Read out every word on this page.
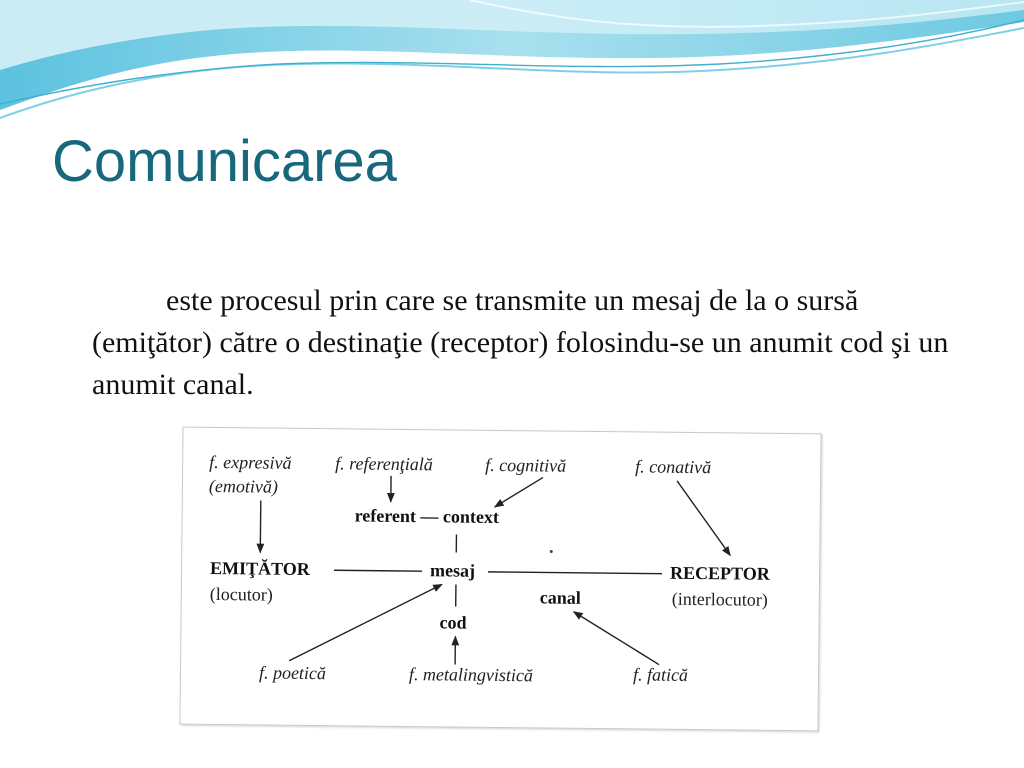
Comunicarea

este procesul prin care se transmite un mesaj de la o sursă (emiţător) către o destinaţie (receptor) folosindu-se un anumit cod şi un anumit canal.

f. expresivă
(emotivă)
f. referenţială	f. cognitivă	f. conativă
referent — context
EMIŢĂTOR
(locutor)
mesaj	RECEPTOR
(interlocutor)
canal
cod
f. poetică	f. metalingvistică	f. fatică
